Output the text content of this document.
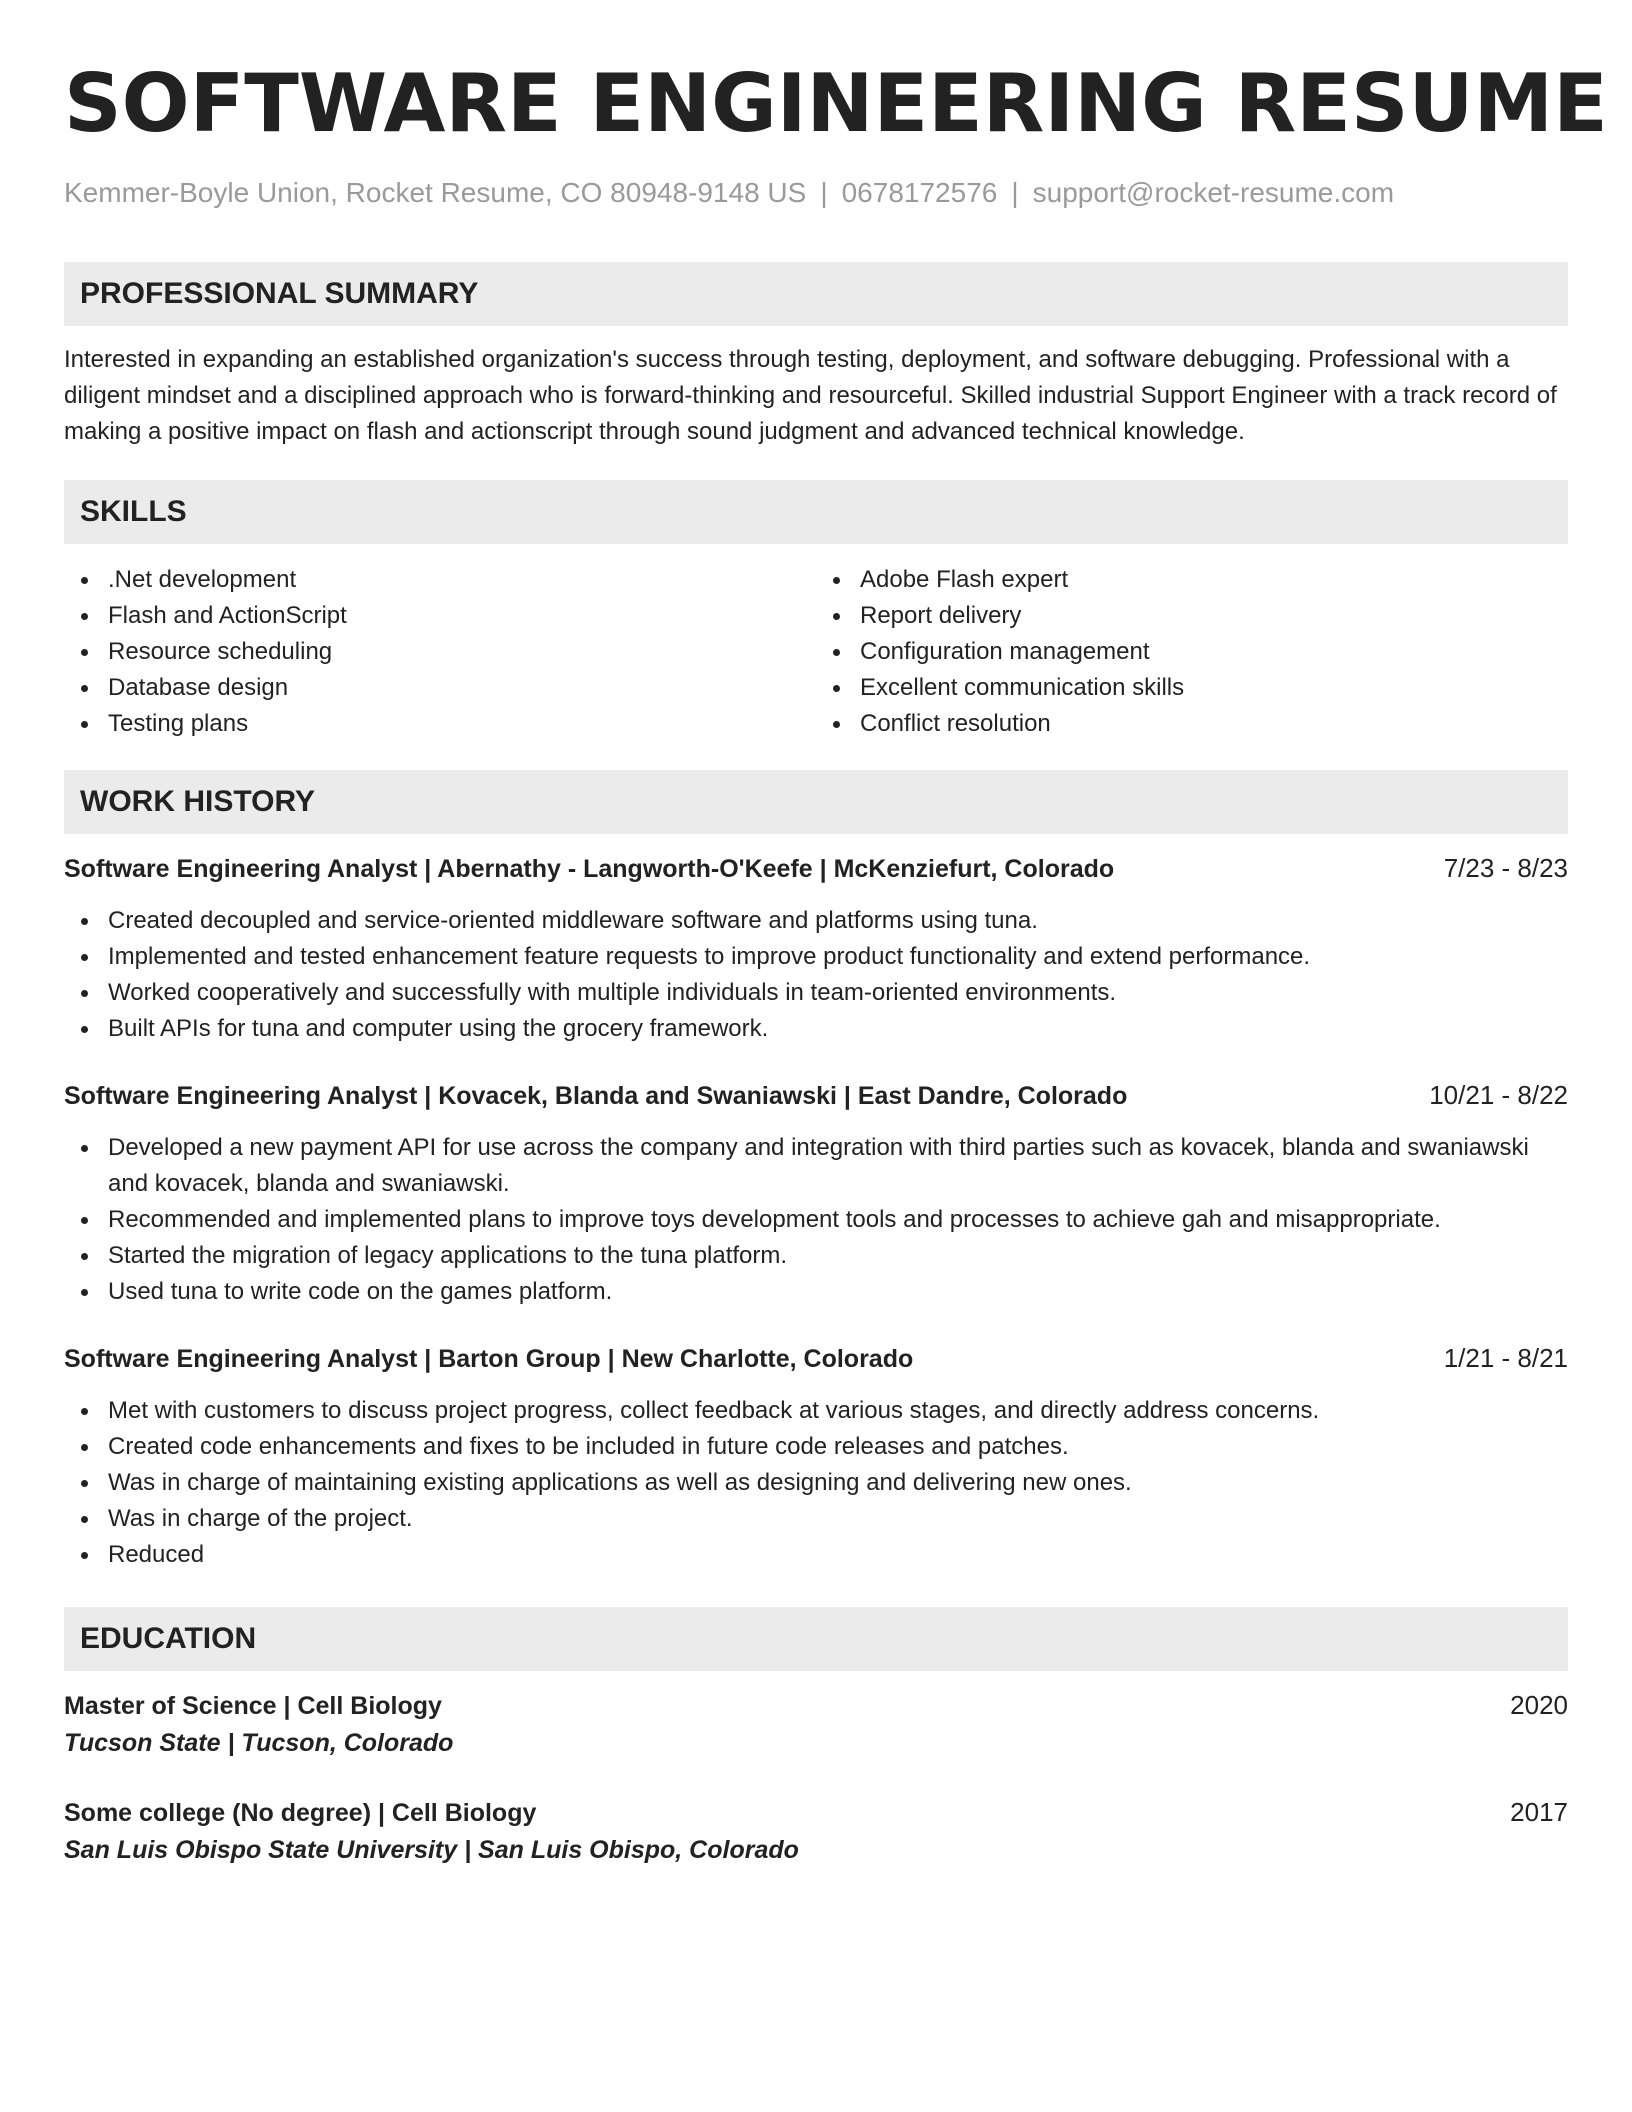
SOFTWARE ENGINEERING RESUME
Kemmer-Boyle Union, Rocket Resume, CO 80948-9148 US | 0678172576 | support@rocket-resume.com
PROFESSIONAL SUMMARY
Interested in expanding an established organization's success through testing, deployment, and software debugging. Professional with a diligent mindset and a disciplined approach who is forward-thinking and resourceful. Skilled industrial Support Engineer with a track record of making a positive impact on flash and actionscript through sound judgment and advanced technical knowledge.
SKILLS
.Net development
Flash and ActionScript
Resource scheduling
Database design
Testing plans
Adobe Flash expert
Report delivery
Configuration management
Excellent communication skills
Conflict resolution
WORK HISTORY
Software Engineering Analyst | Abernathy - Langworth-O'Keefe | McKenziefurt, Colorado	7/23 - 8/23
Created decoupled and service-oriented middleware software and platforms using tuna.
Implemented and tested enhancement feature requests to improve product functionality and extend performance.
Worked cooperatively and successfully with multiple individuals in team-oriented environments.
Built APIs for tuna and computer using the grocery framework.
Software Engineering Analyst | Kovacek, Blanda and Swaniawski | East Dandre, Colorado	10/21 - 8/22
Developed a new payment API for use across the company and integration with third parties such as kovacek, blanda and swaniawski and kovacek, blanda and swaniawski.
Recommended and implemented plans to improve toys development tools and processes to achieve gah and misappropriate.
Started the migration of legacy applications to the tuna platform.
Used tuna to write code on the games platform.
Software Engineering Analyst | Barton Group | New Charlotte, Colorado	1/21 - 8/21
Met with customers to discuss project progress, collect feedback at various stages, and directly address concerns.
Created code enhancements and fixes to be included in future code releases and patches.
Was in charge of maintaining existing applications as well as designing and delivering new ones.
Was in charge of the project.
Reduced
EDUCATION
Master of Science | Cell Biology	2020
Tucson State | Tucson, Colorado
Some college (No degree) | Cell Biology	2017
San Luis Obispo State University | San Luis Obispo, Colorado
